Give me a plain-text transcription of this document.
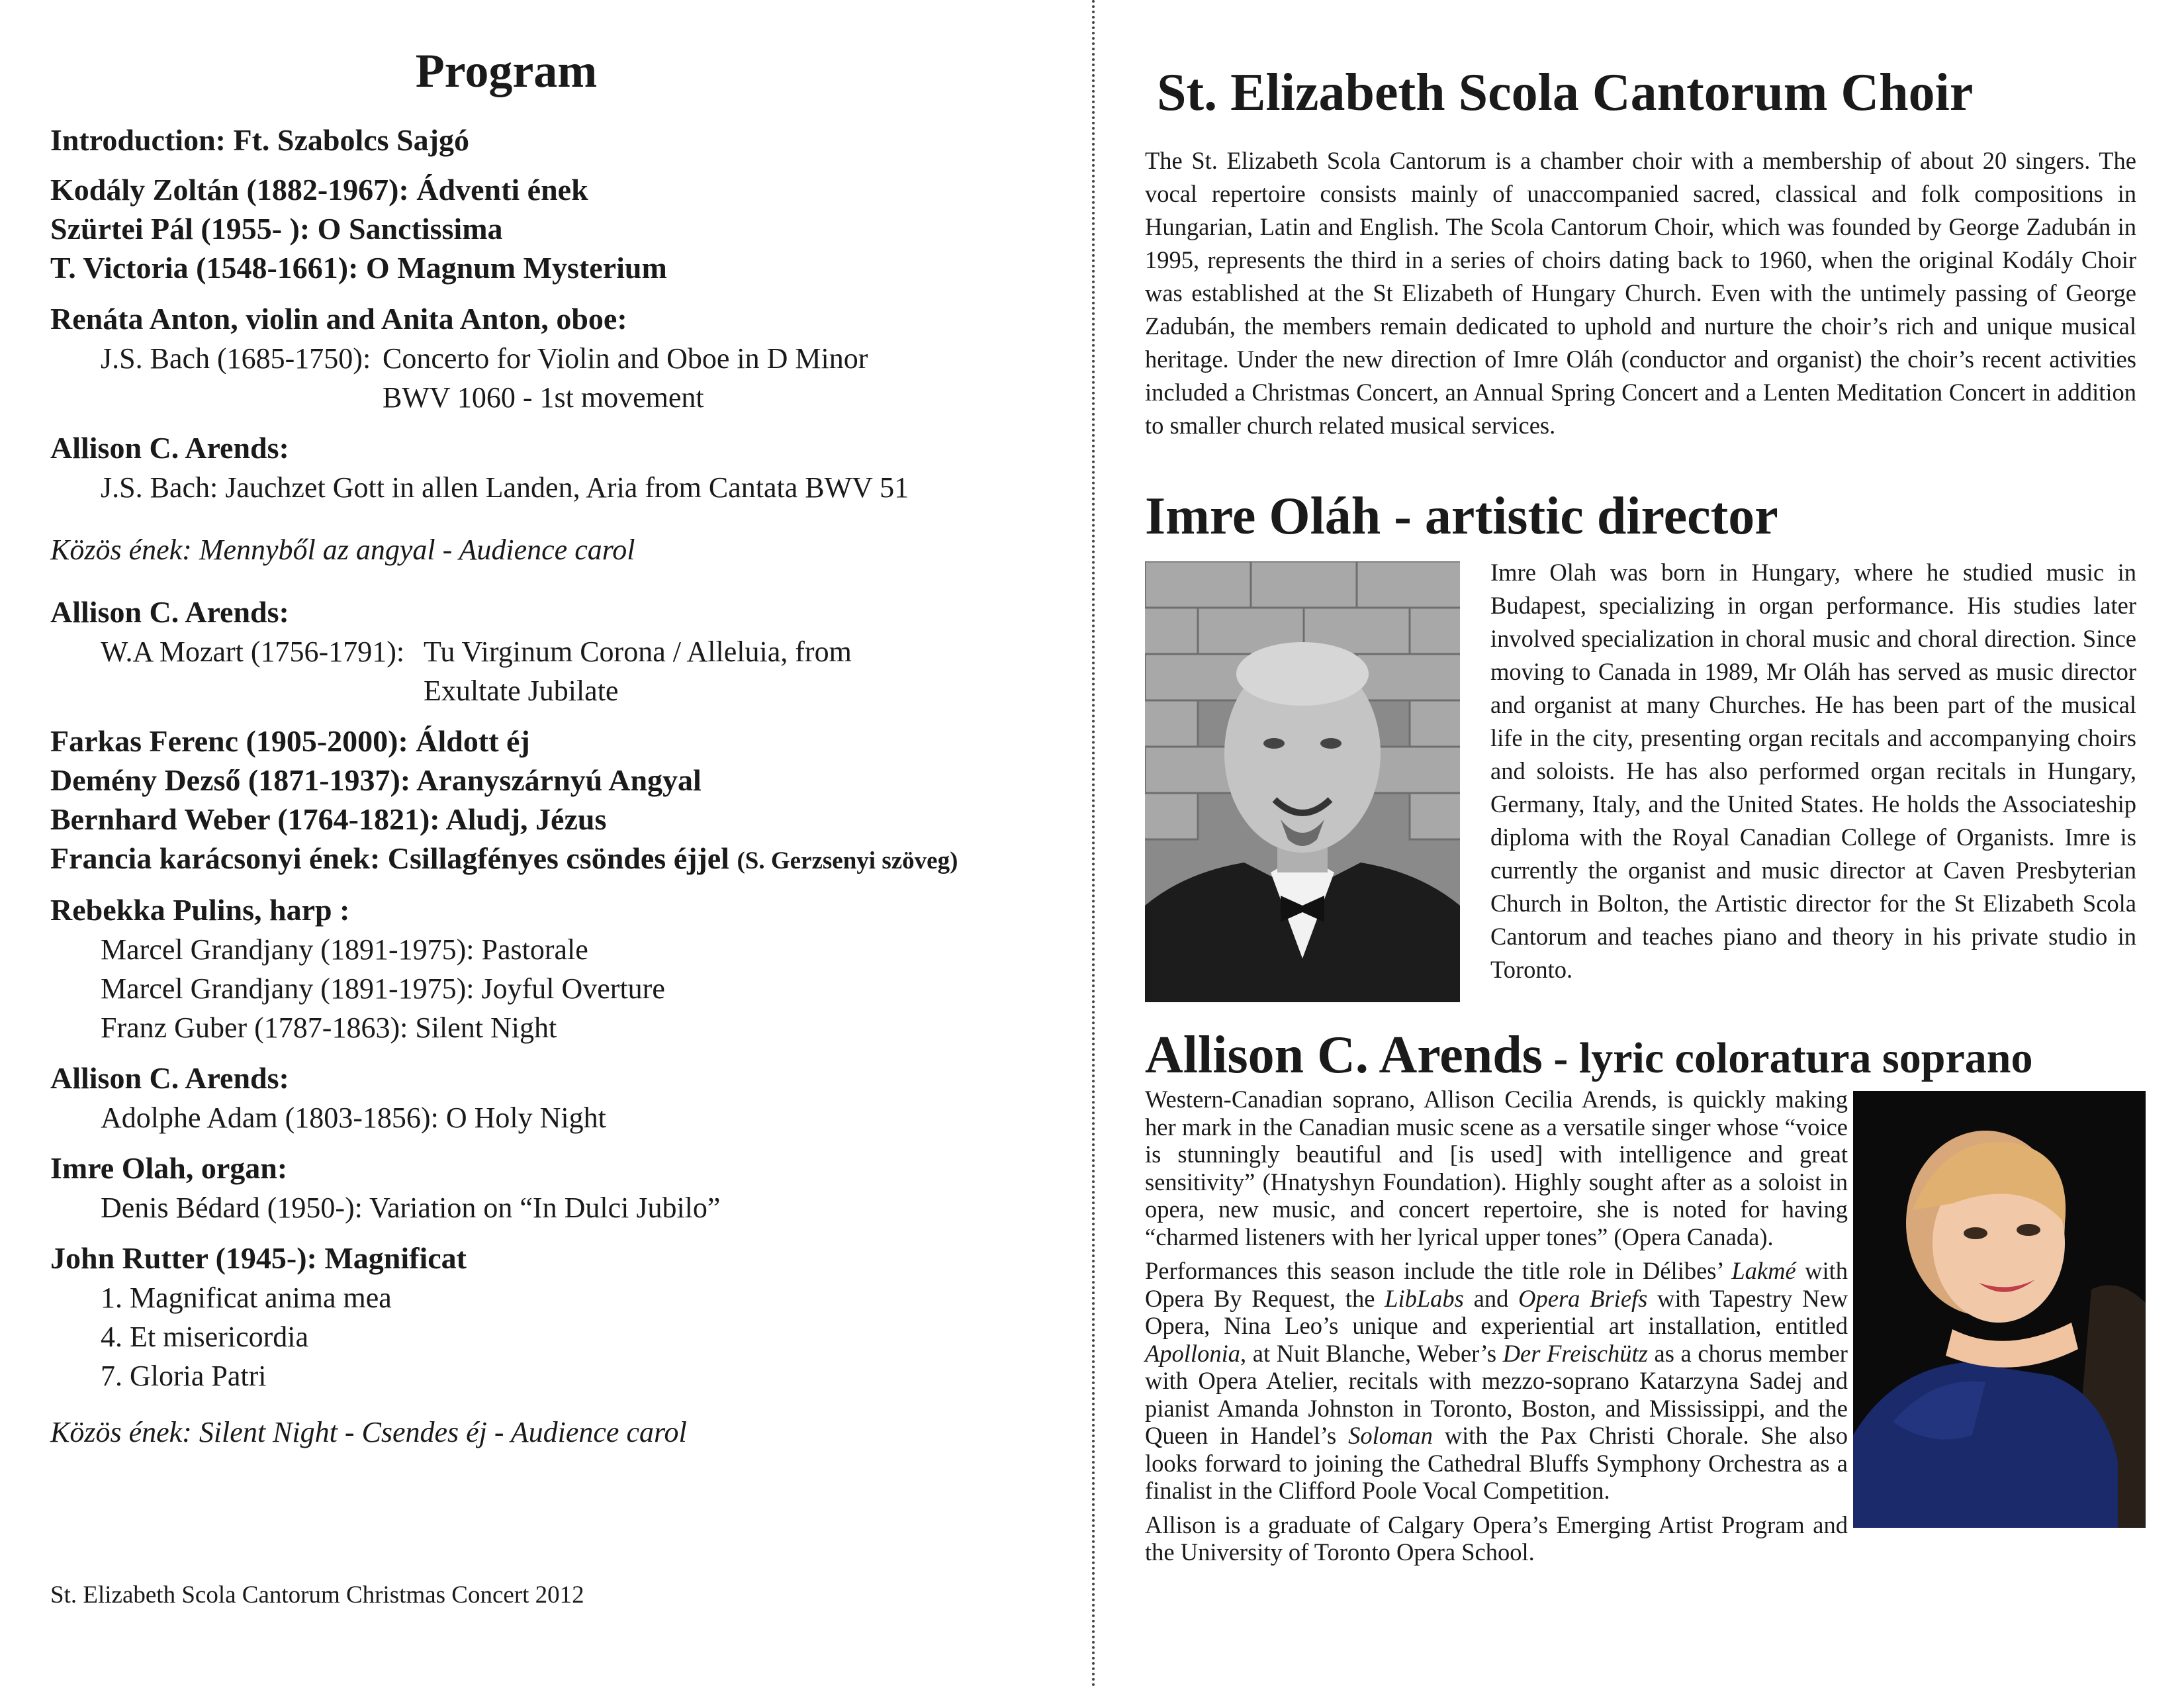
Program
Introduction: Ft. Szabolcs Sajgó
Kodály Zoltán (1882-1967): Ádventi ének
Szürtei Pál (1955- ): O Sanctissima
T. Victoria (1548-1661): O Magnum Mysterium
Renáta Anton, violin and Anita Anton, oboe:
J.S. Bach (1685-1750): Concerto for Violin and Oboe in D Minor
BWV 1060 - 1st movement
Allison C. Arends:
J.S. Bach: Jauchzet Gott in allen Landen, Aria from Cantata BWV 51
Közös ének: Mennyből az angyal - Audience carol
Allison C. Arends:
W.A Mozart (1756-1791): Tu Virginum Corona / Alleluia, from
Exultate Jubilate
Farkas Ferenc (1905-2000): Áldott éj
Demény Dezső (1871-1937): Aranyszárnyú Angyal
Bernhard Weber (1764-1821): Aludj, Jézus
Francia karácsonyi ének: Csillagfényes csöndes éjjel (S. Gerzsenyi szöveg)
Rebekka Pulins, harp :
Marcel Grandjany (1891-1975): Pastorale
Marcel Grandjany (1891-1975): Joyful Overture
Franz Guber (1787-1863): Silent Night
Allison C. Arends:
Adolphe Adam (1803-1856): O Holy Night
Imre Olah, organ:
Denis Bédard (1950-): Variation on “In Dulci Jubilo”
John Rutter (1945-): Magnificat
1. Magnificat anima mea
4. Et misericordia
7. Gloria Patri
Közös ének: Silent Night - Csendes éj - Audience carol
St. Elizabeth Scola Cantorum Christmas Concert 2012
St. Elizabeth Scola Cantorum Choir

The St. Elizabeth Scola Cantorum is a chamber choir with a membership of about 20 singers. The vocal repertoire consists mainly of unaccompanied sacred, classical and folk compositions in Hungarian, Latin and English. The Scola Cantorum Choir, which was founded by George Zadubán in 1995, represents the third in a series of choirs dating back to 1960, when the original Kodály Choir was established at the St Elizabeth of Hungary Church. Even with the untimely passing of George Zadubán, the members remain dedicated to uphold and nurture the choir’s rich and unique musical heritage. Under the new direction of Imre Oláh (conductor and organist) the choir’s recent activities included a Christmas Concert, an Annual Spring Concert and a Lenten Meditation Concert in addition to smaller church related musical services.

Imre Oláh - artistic director

Imre Olah was born in Hungary, where he studied music in Budapest, specializing in organ performance. His studies later involved specialization in choral music and choral direction. Since moving to Canada in 1989, Mr Oláh has served as music director and organist at many Churches. He has been part of the musical life in the city, presenting organ recitals and accompanying choirs and soloists. He has also performed organ recitals in Hungary, Germany, Italy, and the United States. He holds the Associateship diploma with the Royal Canadian College of Organists. Imre is currently the organist and music director at Caven Presbyterian Church in Bolton, the Artistic director for the St Elizabeth Scola Cantorum and teaches piano and theory in his private studio in Toronto.

Allison C. Arends - lyric coloratura soprano

Western-Canadian soprano, Allison Cecilia Arends, is quickly making her mark in the Canadian music scene as a versatile singer whose “voice is stunningly beautiful and [is used] with intelligence and great sensitivity” (Hnatyshyn Foundation). Highly sought after as a soloist in opera, new music, and concert repertoire, she is noted for having “charmed listeners with her lyrical upper tones” (Opera Canada).

Performances this season include the title role in Délibes’ Lakmé with Opera By Request, the LibLabs and Opera Briefs with Tapestry New Opera, Nina Leo’s unique and experiential art installation, entitled Apollonia, at Nuit Blanche, Weber’s Der Freischütz as a chorus member with Opera Atelier, recitals with mezzo-soprano Katarzyna Sadej and pianist Amanda Johnston in Toronto, Boston, and Mississippi, and the Queen in Handel’s Soloman with the Pax Christi Chorale. She also looks forward to joining the Cathedral Bluffs Symphony Orchestra as a finalist in the Clifford Poole Vocal Competition.

Allison is a graduate of Calgary Opera’s Emerging Artist Program and the University of Toronto Opera School.
